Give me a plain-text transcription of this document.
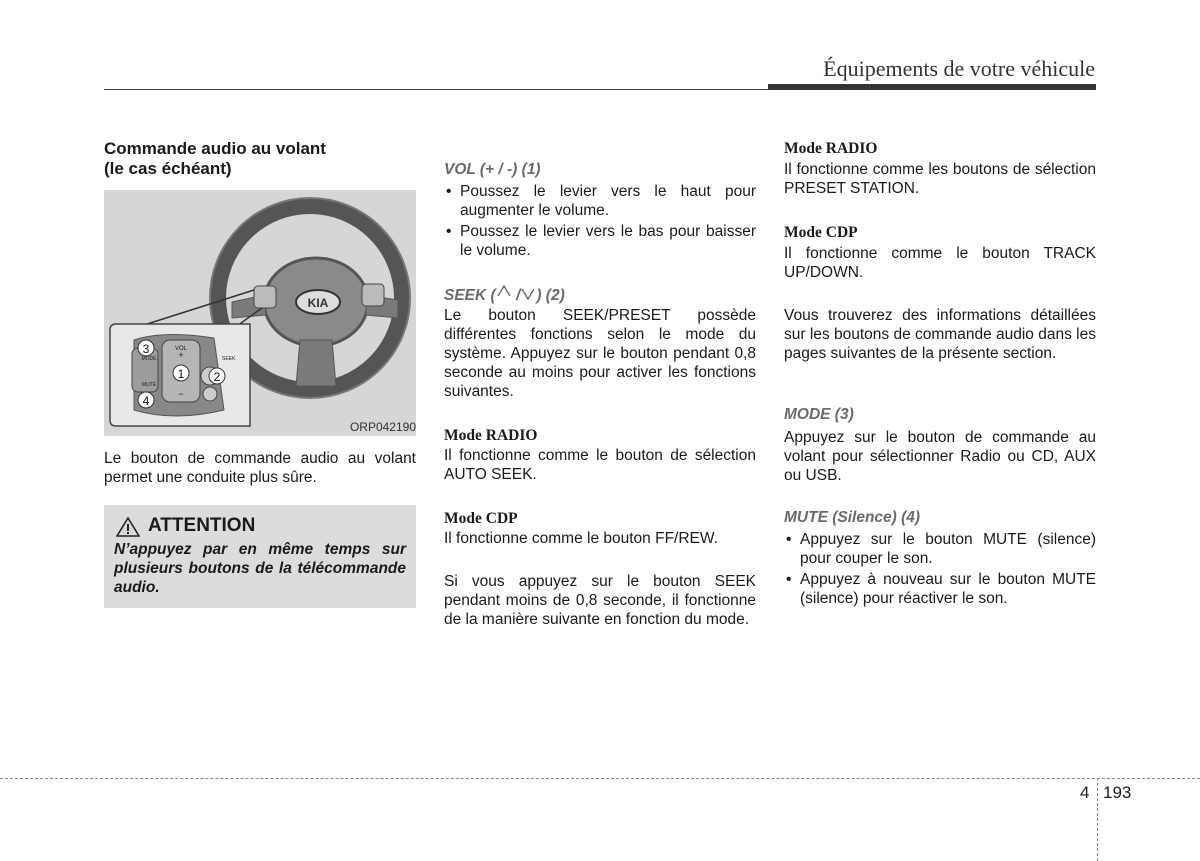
Équipements de votre véhicule
Commande audio au volant
(le cas échéant)
KIA
VOL
+
−
MODE
MUTE
SEEK
3
1 2
4
ORP042190
Le bouton de commande audio au volant permet une conduite plus sûre.
ATTENTION
N’appuyez par en même temps sur plusieurs boutons de la télécommande audio.
VOL (+ / -) (1)
• Poussez le levier vers le haut pour augmenter le volume.
• Poussez le levier vers le bas pour baisser le volume.
SEEK ( / ) (2)
Le bouton SEEK/PRESET possède différentes fonctions selon le mode du système. Appuyez sur le bouton pendant 0,8 seconde au moins pour activer les fonctions suivantes.
Mode RADIO
Il fonctionne comme le bouton de sélection AUTO SEEK.
Mode CDP
Il fonctionne comme le bouton FF/REW.
Si vous appuyez sur le bouton SEEK pendant moins de 0,8 seconde, il fonctionne de la manière suivante en fonction du mode.
Mode RADIO
Il fonctionne comme les boutons de sélection PRESET STATION.
Mode CDP
Il fonctionne comme le bouton TRACK UP/DOWN.
Vous trouverez des informations détaillées sur les boutons de commande audio dans les pages suivantes de la présente section.
MODE (3)
Appuyez sur le bouton de commande au volant pour sélectionner Radio ou CD, AUX ou USB.
MUTE (Silence) (4)
• Appuyez sur le bouton MUTE (silence) pour couper le son.
• Appuyez à nouveau sur le bouton MUTE (silence) pour réactiver le son.
4 193
